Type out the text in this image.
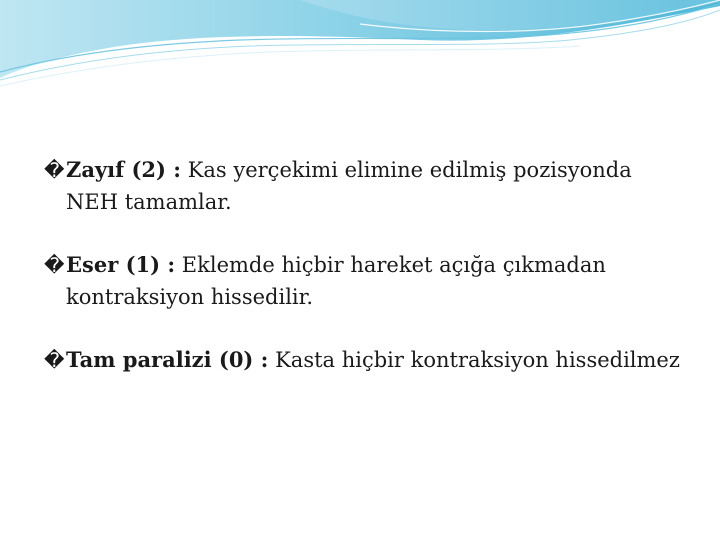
� Zayıf (2) : Kas yerçekimi elimine edilmiş pozisyonda NEH tamamlar.
� Eser (1) : Eklemde hiçbir hareket açığa çıkmadan kontraksiyon hissedilir.
� Tam paralizi (0) : Kasta hiçbir kontraksiyon hissedilmez
